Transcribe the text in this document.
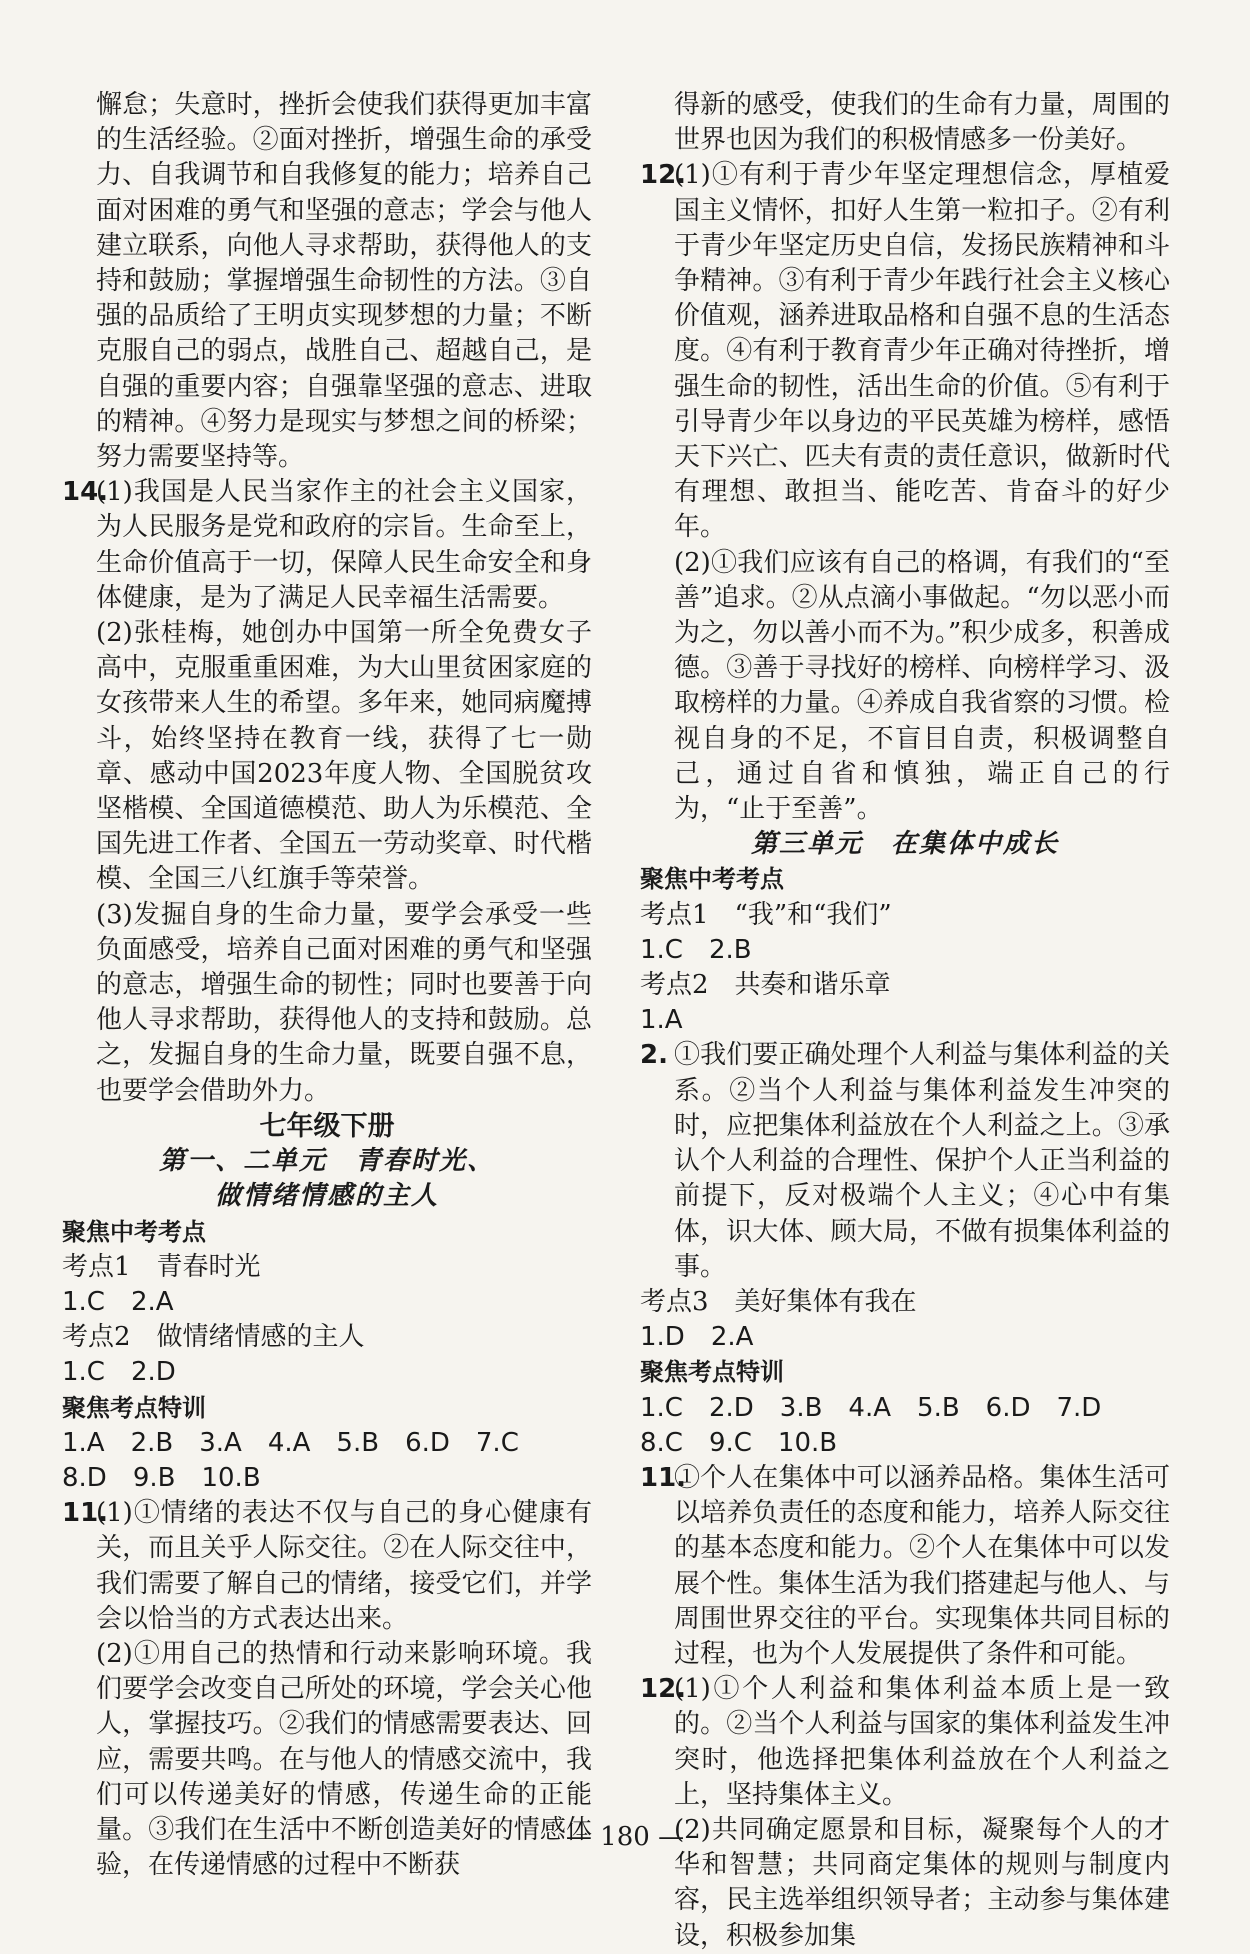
懈怠；失意时，挫折会使我们获得更加丰富的生活经验。②面对挫折，增强生命的承受力、自我调节和自我修复的能力；培养自己面对困难的勇气和坚强的意志；学会与他人建立联系，向他人寻求帮助，获得他人的支持和鼓励；掌握增强生命韧性的方法。③自强的品质给了王明贞实现梦想的力量；不断克服自己的弱点，战胜自己、超越自己，是自强的重要内容；自强靠坚强的意志、进取的精神。④努力是现实与梦想之间的桥梁；努力需要坚持等。

14.

(1)我国是人民当家作主的社会主义国家，为人民服务是党和政府的宗旨。生命至上，生命价值高于一切，保障人民生命安全和身体健康，是为了满足人民幸福生活需要。

(2)张桂梅，她创办中国第一所全免费女子高中，克服重重困难，为大山里贫困家庭的女孩带来人生的希望。多年来，她同病魔搏斗，始终坚持在教育一线，获得了七一勋章、感动中国2023年度人物、全国脱贫攻坚楷模、全国道德模范、助人为乐模范、全国先进工作者、全国五一劳动奖章、时代楷模、全国三八红旗手等荣誉。

(3)发掘自身的生命力量，要学会承受一些负面感受，培养自己面对困难的勇气和坚强的意志，增强生命的韧性；同时也要善于向他人寻求帮助，获得他人的支持和鼓励。总之，发掘自身的生命力量，既要自强不息，也要学会借助外力。

七年级下册

第一、二单元　青春时光、

做情绪情感的主人

聚焦中考考点

考点1　青春时光

1.C　2.A

考点2　做情绪情感的主人

1.C　2.D

聚焦考点特训

1.A　2.B　3.A　4.A　5.B　6.D　7.C

8.D　9.B　10.B

11.

(1)①情绪的表达不仅与自己的身心健康有关，而且关乎人际交往。②在人际交往中，我们需要了解自己的情绪，接受它们，并学会以恰当的方式表达出来。

(2)①用自己的热情和行动来影响环境。我们要学会改变自己所处的环境，学会关心他人，掌握技巧。②我们的情感需要表达、回应，需要共鸣。在与他人的情感交流中，我们可以传递美好的情感，传递生命的正能量。③我们在生活中不断创造美好的情感体验，在传递情感的过程中不断获

得新的感受，使我们的生命有力量，周围的世界也因为我们的积极情感多一份美好。

12.

(1)①有利于青少年坚定理想信念，厚植爱国主义情怀，扣好人生第一粒扣子。②有利于青少年坚定历史自信，发扬民族精神和斗争精神。③有利于青少年践行社会主义核心价值观，涵养进取品格和自强不息的生活态度。④有利于教育青少年正确对待挫折，增强生命的韧性，活出生命的价值。⑤有利于引导青少年以身边的平民英雄为榜样，感悟天下兴亡、匹夫有责的责任意识，做新时代有理想、敢担当、能吃苦、肯奋斗的好少年。

(2)①我们应该有自己的格调，有我们的“至善”追求。②从点滴小事做起。“勿以恶小而为之，勿以善小而不为。”积少成多，积善成德。③善于寻找好的榜样、向榜样学习、汲取榜样的力量。④养成自我省察的习惯。检视自身的不足，不盲目自责，积极调整自己，通过自省和慎独，端正自己的行为，“止于至善”。

第三单元　在集体中成长

聚焦中考考点

考点1　“我”和“我们”

1.C　2.B

考点2　共奏和谐乐章

1.A

2. ①我们要正确处理个人利益与集体利益的关系。②当个人利益与集体利益发生冲突的时，应把集体利益放在个人利益之上。③承认个人利益的合理性、保护个人正当利益的前提下，反对极端个人主义；④心中有集体，识大体、顾大局，不做有损集体利益的事。

考点3　美好集体有我在

1.D　2.A

聚焦考点特训

1.C　2.D　3.B　4.A　5.B　6.D　7.D

8.C　9.C　10.B

11.

①个人在集体中可以涵养品格。集体生活可以培养负责任的态度和能力，培养人际交往的基本态度和能力。②个人在集体中可以发展个性。集体生活为我们搭建起与他人、与周围世界交往的平台。实现集体共同目标的过程，也为个人发展提供了条件和可能。

12.

(1)①个人利益和集体利益本质上是一致的。②当个人利益与国家的集体利益发生冲突时，他选择把集体利益放在个人利益之上，坚持集体主义。

(2)共同确定愿景和目标，凝聚每个人的才华和智慧；共同商定集体的规则与制度内容，民主选举组织领导者；主动参与集体建设，积极参加集

— 180 —
